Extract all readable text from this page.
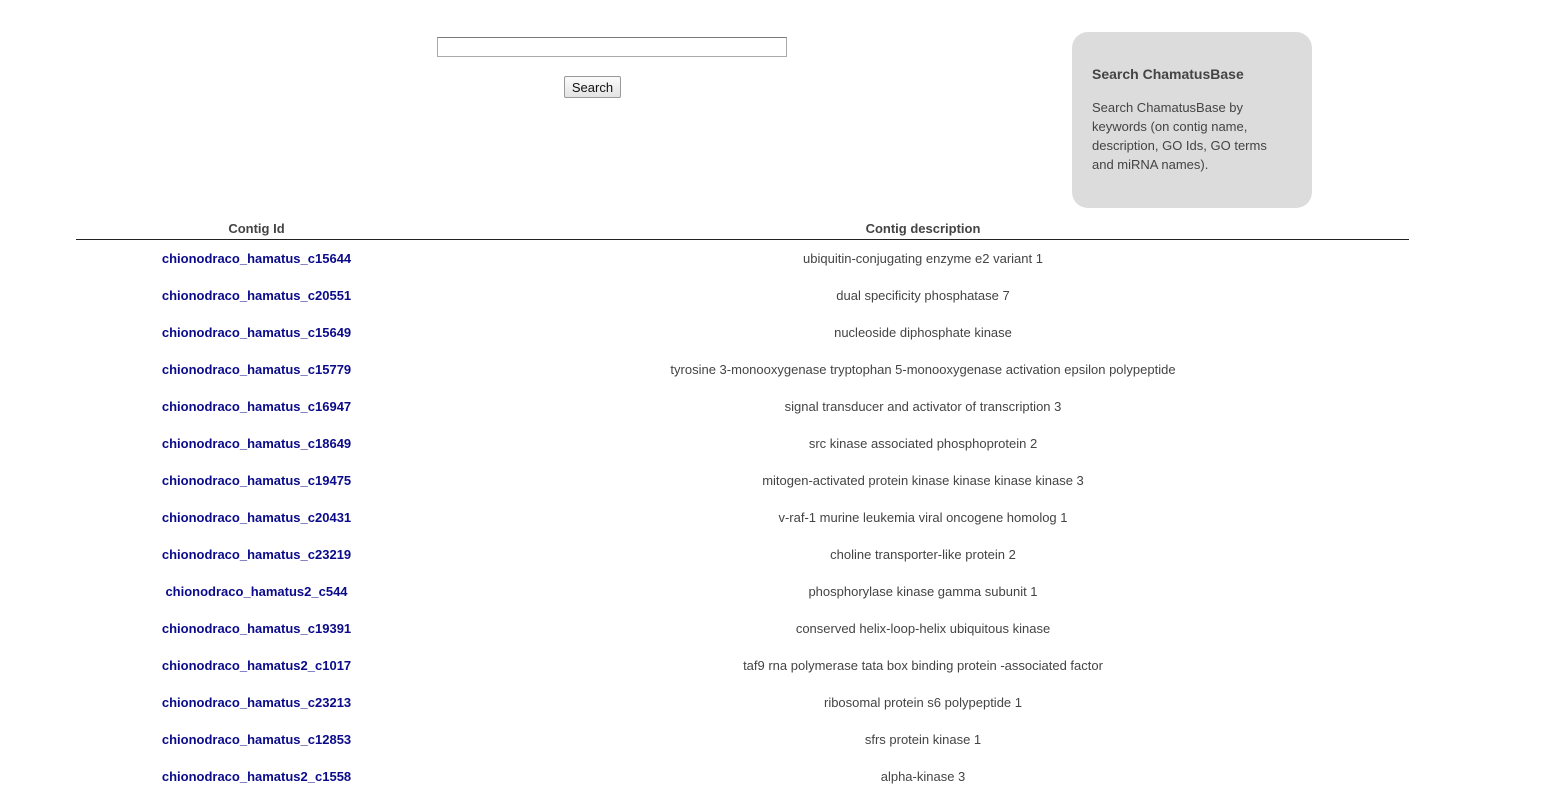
Search
Search ChamatusBase

Search ChamatusBase by keywords (on contig name, description, GO Ids, GO terms and miRNA names).

Contig Id	Contig description
chionodraco_hamatus_c15644	ubiquitin-conjugating enzyme e2 variant 1
chionodraco_hamatus_c20551	dual specificity phosphatase 7
chionodraco_hamatus_c15649	nucleoside diphosphate kinase
chionodraco_hamatus_c15779	tyrosine 3-monooxygenase tryptophan 5-monooxygenase activation epsilon polypeptide
chionodraco_hamatus_c16947	signal transducer and activator of transcription 3
chionodraco_hamatus_c18649	src kinase associated phosphoprotein 2
chionodraco_hamatus_c19475	mitogen-activated protein kinase kinase kinase kinase 3
chionodraco_hamatus_c20431	v-raf-1 murine leukemia viral oncogene homolog 1
chionodraco_hamatus_c23219	choline transporter-like protein 2
chionodraco_hamatus2_c544	phosphorylase kinase gamma subunit 1
chionodraco_hamatus_c19391	conserved helix-loop-helix ubiquitous kinase
chionodraco_hamatus2_c1017	taf9 rna polymerase tata box binding protein -associated factor
chionodraco_hamatus_c23213	ribosomal protein s6 polypeptide 1
chionodraco_hamatus_c12853	sfrs protein kinase 1
chionodraco_hamatus2_c1558	alpha-kinase 3
